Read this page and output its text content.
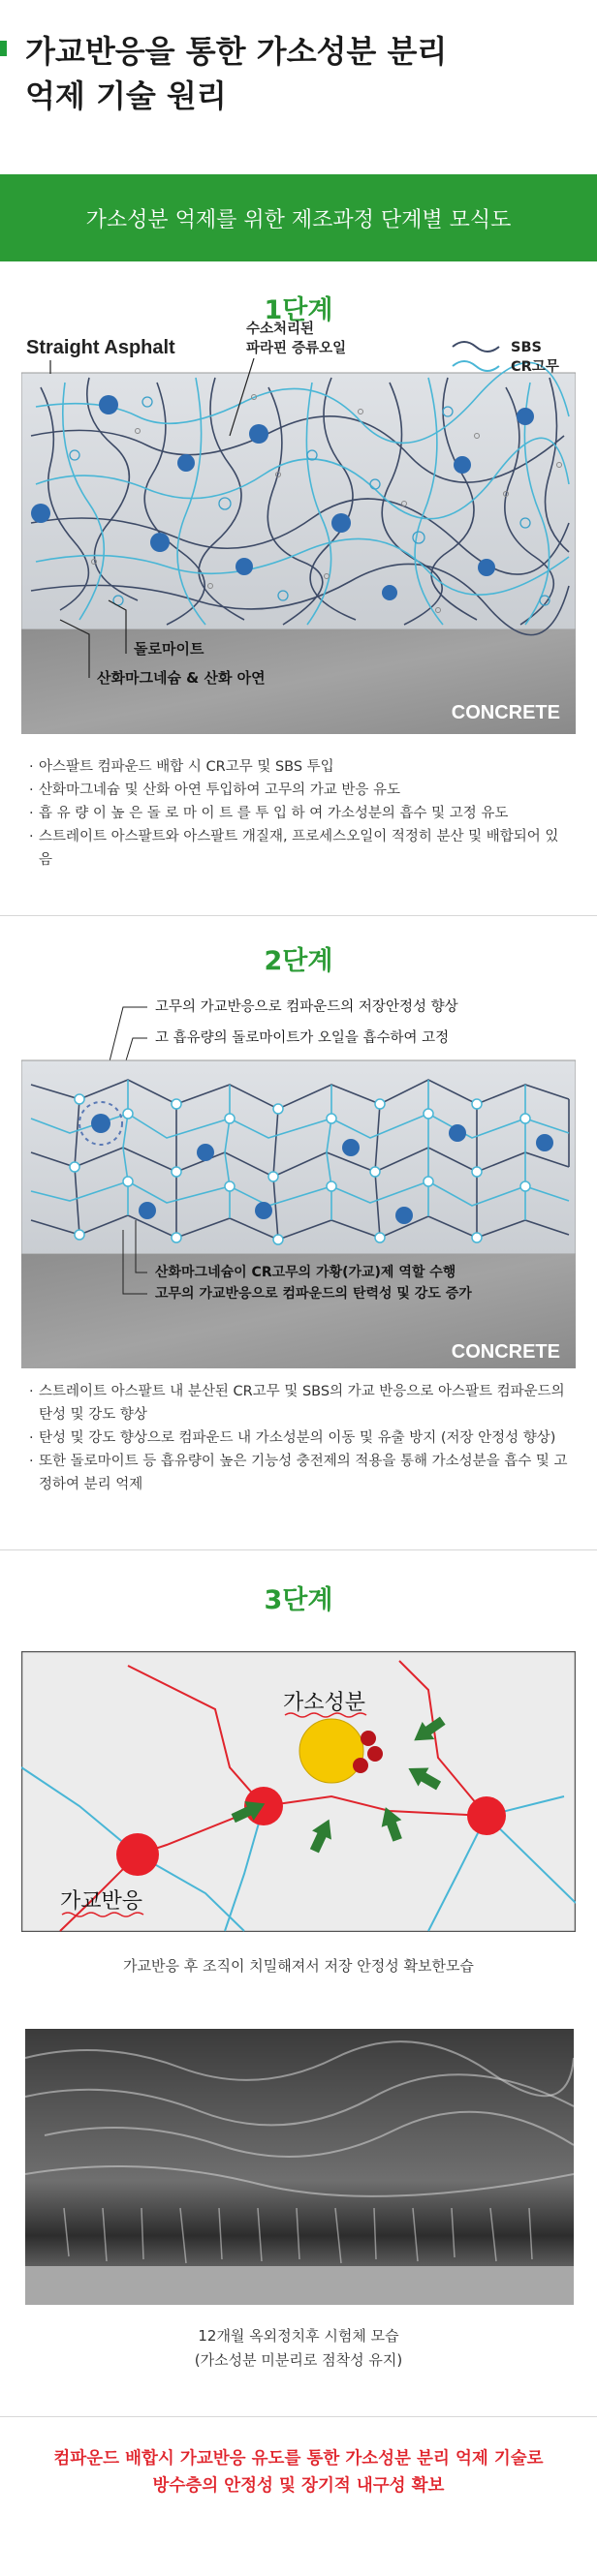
가교반응을 통한 가소성분 분리
억제 기술 원리
가소성분 억제를 위한 제조과정 단계별 모식도
1단계
CONCRETE
Straight Asphalt
수소처리된
파라핀 증류오일	SBS
CR고무
돌로마이트
산화마그네슘 & 산화 아연
· 아스팔트 컴파운드 배합 시 CR고무 및 SBS 투입
· 산화마그네슘 및 산화 아연 투입하여 고무의 가교 반응 유도
· 흡 유 량 이 높 은 돌 로 마 이 트 를 투 입 하 여 가소성분의 흡수 및 고정 유도
· 스트레이트 아스팔트와 아스팔트 개질재, 프로세스오일이 적정히 분산 및 배합되어 있음
2단계
고무의 가교반응으로 컴파운드의 저장안정성 향상
고 흡유량의 돌로마이트가 오일을 흡수하여 고정
CONCRETE
산화마그네슘이 CR고무의 가황(가교)제 역할 수행
고무의 가교반응으로 컴파운드의 탄력성 및 강도 증가
· 스트레이트 아스팔트 내 분산된 CR고무 및 SBS의 가교 반응으로 아스팔트 컴파운드의 탄성 및 강도 향상
· 탄성 및 강도 향상으로 컴파운드 내 가소성분의 이동 및 유출 방지 (저장 안정성 향상)
· 또한 돌로마이트 등 흡유량이 높은 기능성 충전제의 적용을 통해 가소성분을 흡수 및 고정하여 분리 억제
3단계
가소성분
가교반응
가교반응 후 조직이 치밀해져서 저장 안정성 확보한모습
12개월 옥외정치후 시험체 모습
(가소성분 미분리로 점착성 유지)
컴파운드 배합시 가교반응 유도를 통한 가소성분 분리 억제 기술로
방수층의 안정성 및 장기적 내구성 확보
